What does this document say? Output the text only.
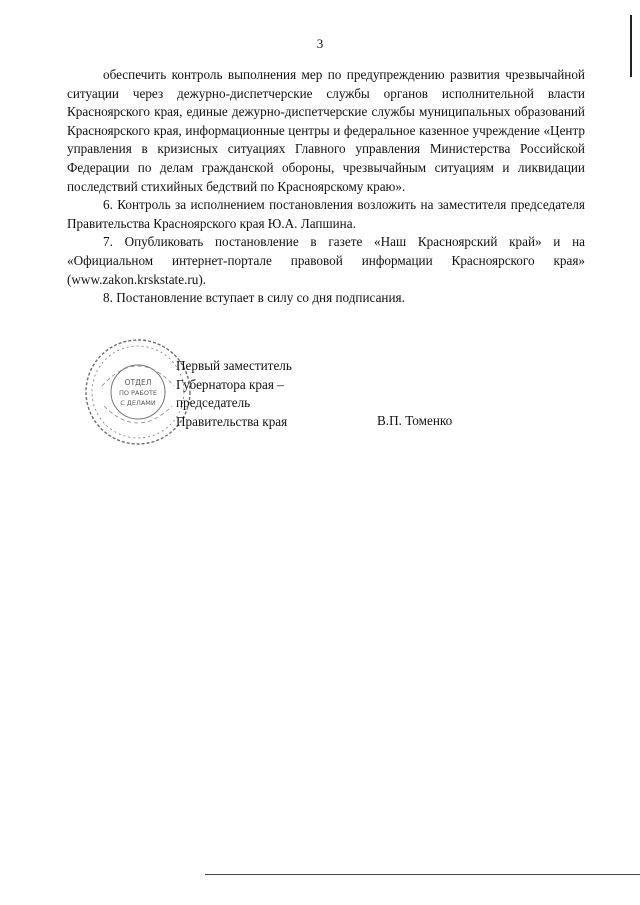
3

обеспечить контроль выполнения мер по предупреждению развития чрезвычайной ситуации через дежурно-диспетчерские службы органов исполнительной власти Красноярского края, единые дежурно-диспетчерские службы муниципальных образований Красноярского края, информационные центры и федеральное казенное учреждение «Центр управления в кризисных ситуациях Главного управления Министерства Российской Федерации по делам гражданской обороны, чрезвычайным ситуациям и ликвидации последствий стихийных бедствий по Красноярскому краю».

6. Контроль за исполнением постановления возложить на заместителя председателя Правительства Красноярского края Ю.А. Лапшина.

7. Опубликовать постановление в газете «Наш Красноярский край» и на «Официальном интернет-портале правовой информации Красноярского края» (www.zakon.krskstate.ru).

8. Постановление вступает в силу со дня подписания.

ОТДЕЛ
ПО РАБОТЕ
С ДЕЛАМИ
Первый заместитель
Губернатора края –
председатель
Правительства края	В.П. Томенко
